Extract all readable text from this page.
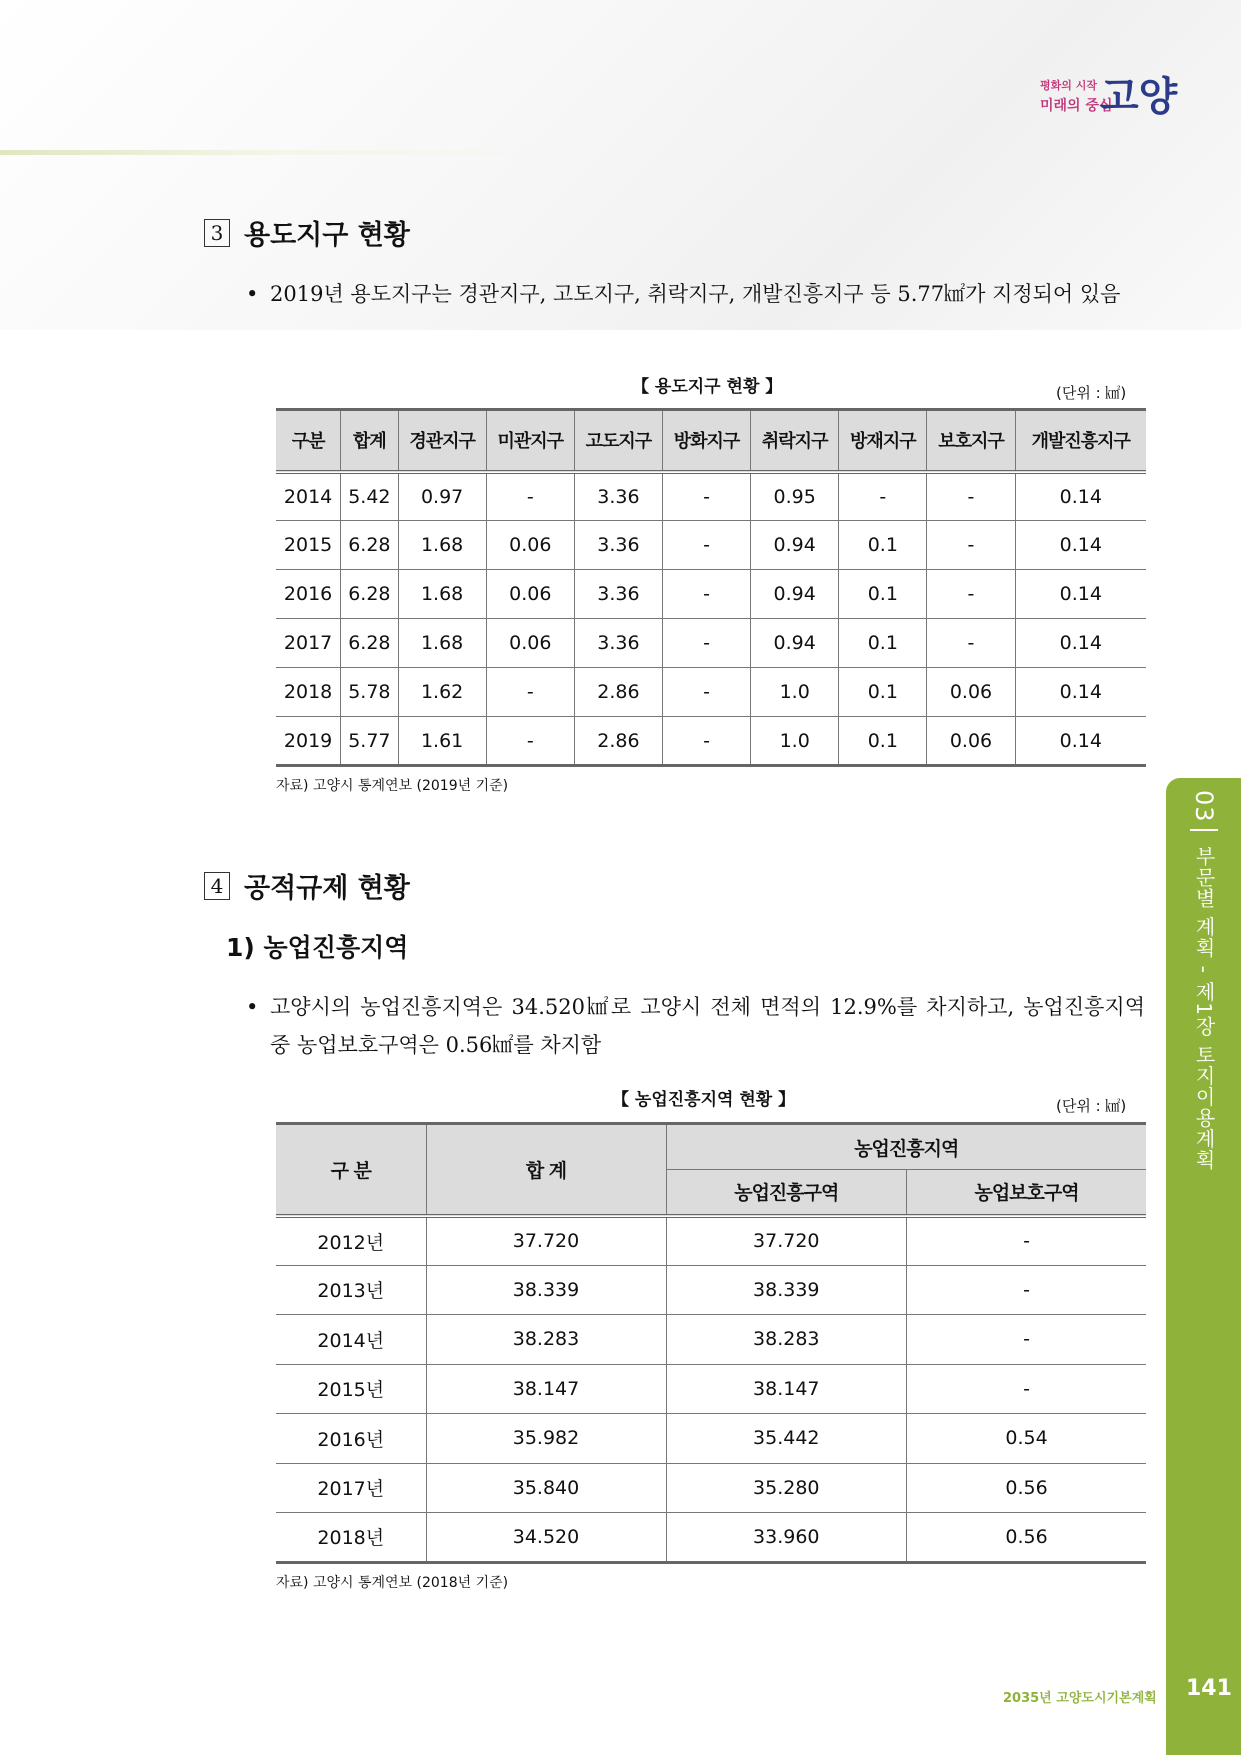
평화의 시작
미래의 중심
고양
3 용도지구 현황
• 2019년 용도지구는 경관지구, 고도지구, 취락지구, 개발진흥지구 등 5.77㎢가 지정되어 있음
【 용도지구 현황 】	(단위 : ㎢)
구분	합계	경관지구	미관지구	고도지구	방화지구	취락지구	방재지구	보호지구	개발진흥지구
2014	5.42	0.97	-	3.36	-	0.95	-	-	0.14
2015	6.28	1.68	0.06	3.36	-	0.94	0.1	-	0.14
2016	6.28	1.68	0.06	3.36	-	0.94	0.1	-	0.14
2017	6.28	1.68	0.06	3.36	-	0.94	0.1	-	0.14
2018	5.78	1.62	-	2.86	-	1.0	0.1	0.06	0.14
2019	5.77	1.61	-	2.86	-	1.0	0.1	0.06	0.14
자료) 고양시 통계연보 (2019년 기준)
4 공적규제 현황
1) 농업진흥지역
• 고양시의 농업진흥지역은 34.520㎢로 고양시 전체 면적의 12.9%를 차지하고, 농업진흥지역 중 농업보호구역은 0.56㎢를 차지함
【 농업진흥지역 현황 】	(단위 : ㎢)
구 분	합 계	농업진흥지역	
		농업진흥구역	농업보호구역
2012년	37.720	37.720	-
2013년	38.339	38.339	-
2014년	38.283	38.283	-
2015년	38.147	38.147	-
2016년	35.982	35.442	0.54
2017년	35.840	35.280	0.56
2018년	34.520	33.960	0.56
자료) 고양시 통계연보 (2018년 기준)
03 부문별 계획 - 제1장 토지이용계획
2035년 고양도시기본계획 141
